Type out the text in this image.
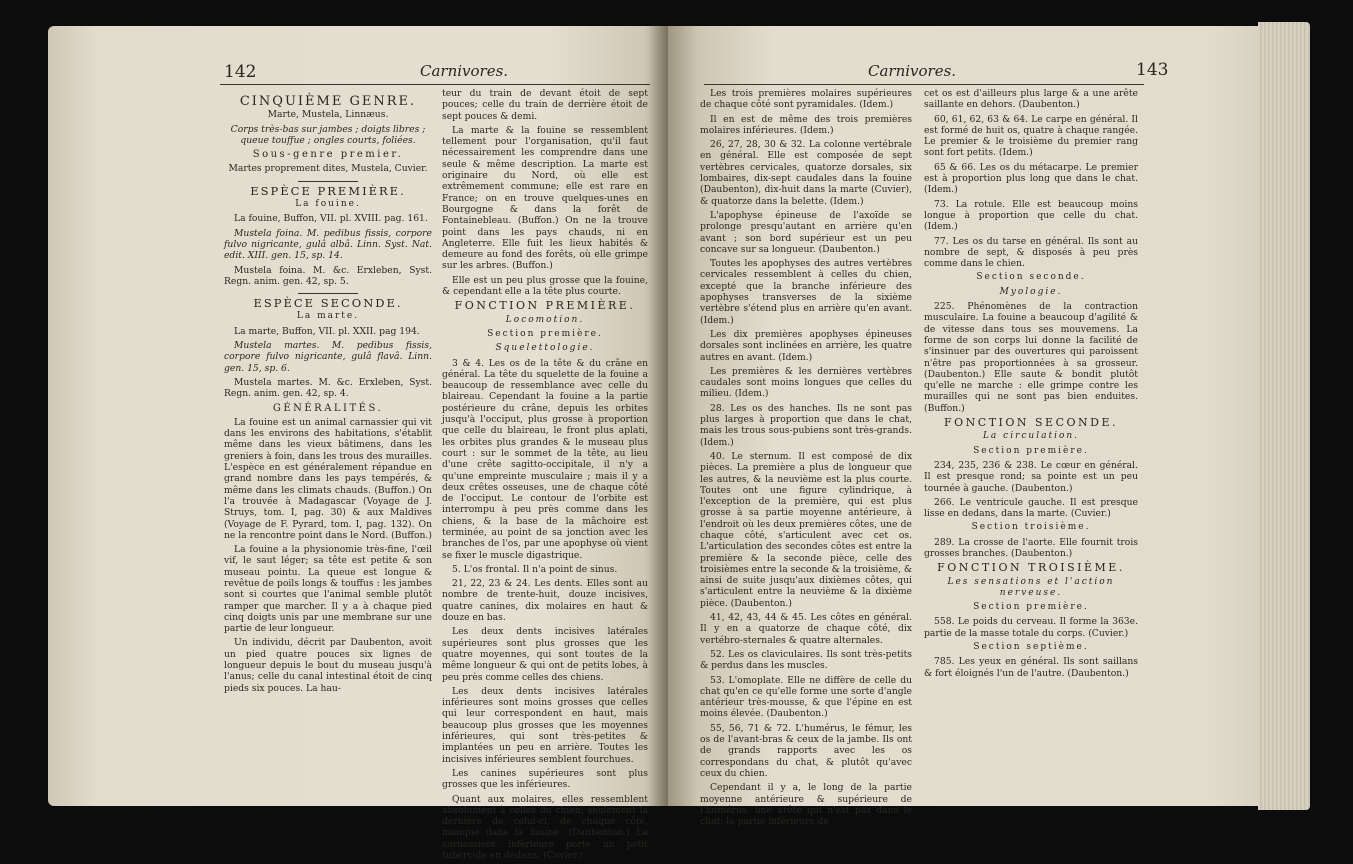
142	Carnivores.
CINQUIÈME GENRE.

Marte, Mustela, Linnæus.

Corps très-bas sur jambes ; doigts libres ; queue touffue ; ongles courts, foliées.

Sous-genre premier.

Martes proprement dites, Mustela, Cuvier.

ESPÈCE PREMIÈRE.
La fouine.

La fouine, Buffon, VII. pl. XVIII. pag. 161.

Mustela foina. M. pedibus fissis, corpore fulvo nigricante, gulâ albâ. Linn. Syst. Nat. edit. XIII. gen. 15, sp. 14.

Mustela foina. M. &c. Erxleben, Syst. Regn. anim. gen. 42, sp. 5.

ESPÈCE SECONDE.
La marte.

La marte, Buffon, VII. pl. XXII. pag 194.

Mustela martes. M. pedibus fissis, corpore fulvo nigricante, gulâ flavâ. Linn. gen. 15, sp. 6.

Mustela martes. M. &c. Erxleben, Syst. Regn. anim. gen. 42, sp. 4.

GÉNÉRALITÉS.

La fouine est un animal carnassier qui vit dans les environs des habitations, s'établit même dans les vieux bâtimens, dans les greniers à foin, dans les trous des murailles. L'espèce en est généralement répandue en grand nombre dans les pays tempérés, & même dans les climats chauds. (Buffon.) On l'a trouvée à Madagascar (Voyage de J. Struys, tom. I, pag. 30) & aux Maldives (Voyage de F. Pyrard, tom. I, pag. 132). On ne la rencontre point dans le Nord. (Buffon.)

La fouine a la physionomie très-fine, l'œil vif, le saut léger; sa tête est petite & son museau pointu. La queue est longue & revêtue de poils longs & touffus : les jambes sont si courtes que l'animal semble plutôt ramper que marcher. Il y a à chaque pied cinq doigts unis par une membrane sur une partie de leur longueur.

Un individu, décrit par Daubenton, avoit un pied quatre pouces six lignes de longueur depuis le bout du museau jusqu'à l'anus; celle du canal intestinal étoit de cinq pieds six pouces. La hau-

teur du train de devant étoit de sept pouces; celle du train de derrière étoit de sept pouces & demi.

La marte & la fouine se ressemblent tellement pour l'organisation, qu'il faut nécessairement les comprendre dans une seule & même description. La marte est originaire du Nord, où elle est extrêmement commune; elle est rare en France; on en trouve quelques-unes en Bourgogne & dans la forêt de Fontainebleau. (Buffon.) On ne la trouve point dans les pays chauds, ni en Angleterre. Elle fuit les lieux habités & demeure au fond des forêts, où elle grimpe sur les arbres. (Buffon.)

Elle est un peu plus grosse que la fouine, & cependant elle a la tête plus courte.

FONCTION PREMIÈRE.
Locomotion.
Section première.
Squelettologie.

3 & 4. Les os de la tête & du crâne en général. La tête du squelette de la fouine a beaucoup de ressemblance avec celle du blaireau. Cependant la fouine a la partie postérieure du crâne, depuis les orbites jusqu'à l'occiput, plus grosse à proportion que celle du blaireau, le front plus aplati, les orbites plus grandes & le museau plus court : sur le sommet de la tête, au lieu d'une crête sagitto-occipitale, il n'y a qu'une empreinte musculaire ; mais il y a deux crêtes osseuses, une de chaque côté de l'occiput. Le contour de l'orbite est interrompu à peu près comme dans les chiens, & la base de la mâchoire est terminée, au point de sa jonction avec les branches de l'os, par une apophyse où vient se fixer le muscle digastrique.

5. L'os frontal. Il n'a point de sinus.

21, 22, 23 & 24. Les dents. Elles sont au nombre de trente-huit, douze incisives, quatre canines, dix molaires en haut & douze en bas.

Les deux dents incisives latérales supérieures sont plus grosses que les quatre moyennes, qui sont toutes de la même longueur & qui ont de petits lobes, à peu près comme celles des chiens.

Les deux dents incisives latérales inférieures sont moins grosses que celles qui leur correspondent en haut, mais beaucoup plus grosses que les moyennes inférieures, qui sont très-petites & implantées un peu en arrière. Toutes les incisives inférieures semblent fourchues.

Les canines supérieures sont plus grosses que les inférieures.

Quant aux molaires, elles ressemblent absolument à celles du chien; seulement la dernière de celui-ci, de chaque côté, manque dans la fouine. (Daubenton.) La carnassière inférieure porte un petit tubercule en dedans. (Cuvier.)

Carnivores.	143

Les trois premières molaires supérieures de chaque côté sont pyramidales. (Idem.)

Il en est de même des trois premières molaires inférieures. (Idem.)

26, 27, 28, 30 & 32. La colonne vertébrale en général. Elle est composée de sept vertèbres cervicales, quatorze dorsales, six lombaires, dix-sept caudales dans la fouine (Daubenton), dix-huit dans la marte (Cuvier), & quatorze dans la belette. (Idem.)

L'apophyse épineuse de l'axoïde se prolonge presqu'autant en arrière qu'en avant ; son bord supérieur est un peu concave sur sa longueur. (Daubenton.)

Toutes les apophyses des autres vertèbres cervicales ressemblent à celles du chien, excepté que la branche inférieure des apophyses transverses de la sixième vertèbre s'étend plus en arrière qu'en avant. (Idem.)

Les dix premières apophyses épineuses dorsales sont inclinées en arrière, les quatre autres en avant. (Idem.)

Les premières & les dernières vertèbres caudales sont moins longues que celles du milieu. (Idem.)

28. Les os des hanches. Ils ne sont pas plus larges à proportion que dans le chat, mais les trous sous-pubiens sont très-grands. (Idem.)

40. Le sternum. Il est composé de dix pièces. La première a plus de longueur que les autres, & la neuvième est la plus courte. Toutes ont une figure cylindrique, à l'exception de la première, qui est plus grosse à sa partie moyenne antérieure, à l'endroit où les deux premières côtes, une de chaque côté, s'articulent avec cet os. L'articulation des secondes côtes est entre la première & la seconde pièce, celle des troisièmes entre la seconde & la troisième, & ainsi de suite jusqu'aux dixièmes côtes, qui s'articulent entre la neuvième & la dixième pièce. (Daubenton.)

41, 42, 43, 44 & 45. Les côtes en général. Il y en a quatorze de chaque côté, dix vertébro-sternales & quatre alternales.

52. Les os claviculaires. Ils sont très-petits & perdus dans les muscles.

53. L'omoplate. Elle ne diffère de celle du chat qu'en ce qu'elle forme une sorte d'angle antérieur très-mousse, & que l'épine en est moins élevée. (Daubenton.)

55, 56, 71 & 72. L'humérus, le fémur, les os de l'avant-bras & ceux de la jambe. Ils ont de grands rapports avec les os correspondans du chat, & plutôt qu'avec ceux du chien.

Cependant il y a, le long de la partie moyenne antérieure & supérieure de l'humérus, une arête qui n'est pas dans le chat; la partie inférieure de

cet os est d'ailleurs plus large & a une arête saillante en dehors. (Daubenton.)

60, 61, 62, 63 & 64. Le carpe en général. Il est formé de huit os, quatre à chaque rangée. Le premier & le troisième du premier rang sont fort petits. (Idem.)

65 & 66. Les os du métacarpe. Le premier est à proportion plus long que dans le chat. (Idem.)

73. La rotule. Elle est beaucoup moins longue à proportion que celle du chat. (Idem.)

77. Les os du tarse en général. Ils sont au nombre de sept, & disposés à peu près comme dans le chien.

Section seconde.
Myologie.

225. Phénomènes de la contraction musculaire. La fouine a beaucoup d'agilité & de vitesse dans tous ses mouvemens. La forme de son corps lui donne la facilité de s'insinuer par des ouvertures qui paroissent n'être pas proportionnées à sa grosseur. (Daubenton.) Elle saute & bondit plutôt qu'elle ne marche : elle grimpe contre les murailles qui ne sont pas bien enduites. (Buffon.)

FONCTION SECONDE.
La circulation.
Section première.

234, 235, 236 & 238. Le cœur en général. Il est presque rond; sa pointe est un peu tournée à gauche. (Daubenton.)

266. Le ventricule gauche. Il est presque lisse en dedans, dans la marte. (Cuvier.)

Section troisième.

289. La crosse de l'aorte. Elle fournit trois grosses branches. (Daubenton.)

FONCTION TROISIÈME.
Les sensations et l'action nerveuse.
Section première.

558. Le poids du cerveau. Il forme la 363e. partie de la masse totale du corps. (Cuvier.)

Section septième.

785. Les yeux en général. Ils sont saillans & fort éloignés l'un de l'autre. (Daubenton.)
